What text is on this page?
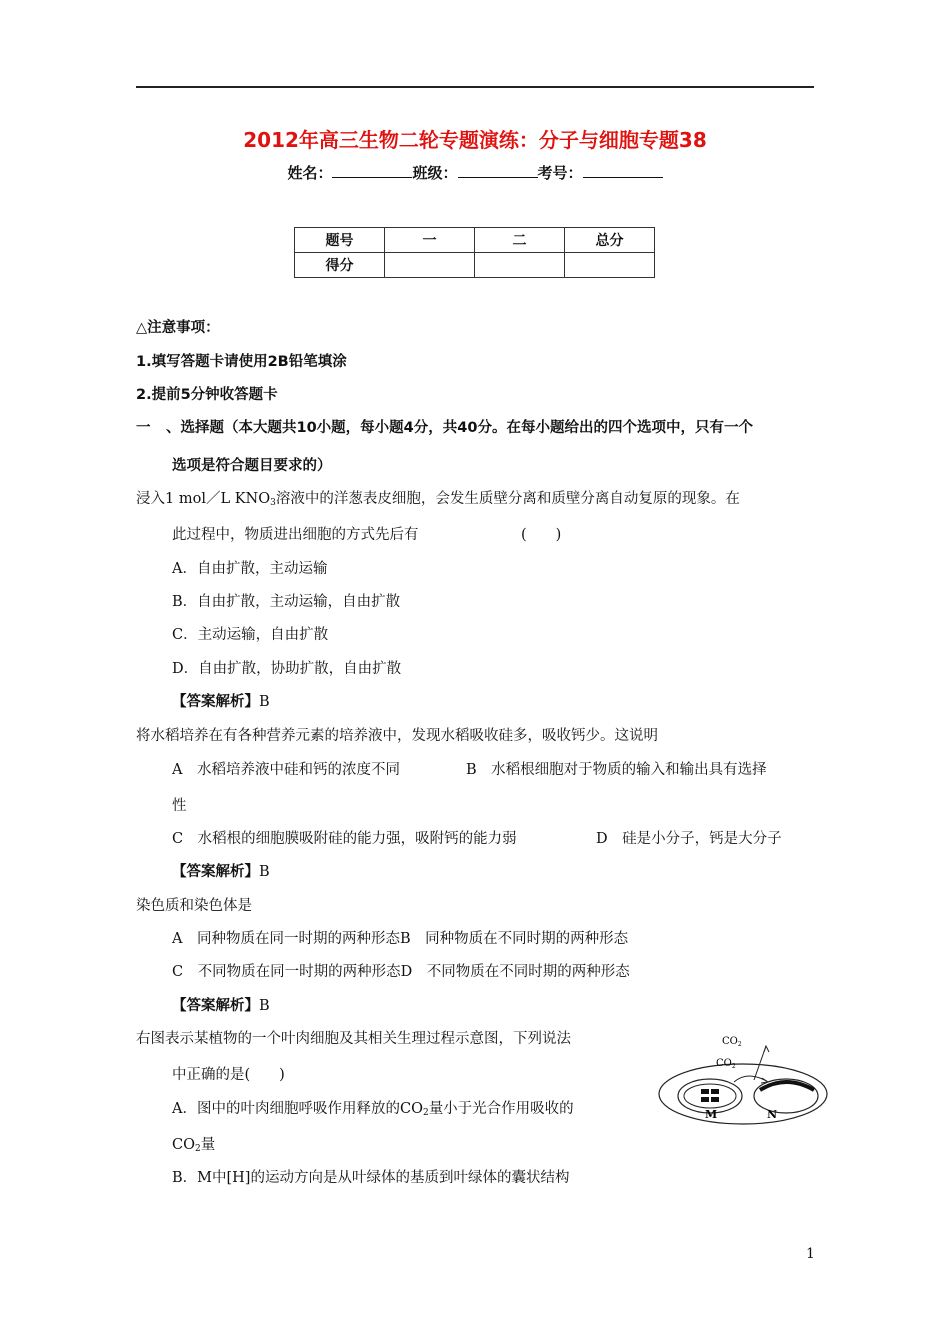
2012年高三生物二轮专题演练：分子与细胞专题38
姓名：	班级：	考号：
题号	一	二	总分
得分			
△注意事项：
1.填写答题卡请使用2B铅笔填涂
2.提前5分钟收答题卡
一 、选择题（本大题共10小题，每小题4分，共40分。在每小题给出的四个选项中，只有一个
选项是符合题目要求的）
浸入1 mol／L $KNO_3$溶液中的洋葱表皮细胞，会发生质壁分离和质壁分离自动复原的现象。在
此过程中，物质进出细胞的方式先后有	(　　)
A．自由扩散，主动运输
B．自由扩散，主动运输，自由扩散
C．主动运输，自由扩散
D．自由扩散，协助扩散，自由扩散
【答案解析】B
将水稻培养在有各种营养元素的培养液中，发现水稻吸收硅多，吸收钙少。这说明
A　水稻培养液中硅和钙的浓度不同	B　水稻根细胞对于物质的输入和输出具有选择
性
C　水稻根的细胞膜吸附硅的能力强，吸附钙的能力弱	D　硅是小分子，钙是大分子
【答案解析】B
染色质和染色体是
A　同种物质在同一时期的两种形态B　同种物质在不同时期的两种形态
C　不同物质在同一时期的两种形态D　不同物质在不同时期的两种形态
【答案解析】B
右图表示某植物的一个叶肉细胞及其相关生理过程示意图，下列说法
中正确的是(　　)
A．图中的叶肉细胞呼吸作用释放的$CO_2$量小于光合作用吸收的
$CO_2$量
B．M中[H]的运动方向是从叶绿体的基质到叶绿体的囊状结构
$CO_2$
$CO_2$
M	N
1
